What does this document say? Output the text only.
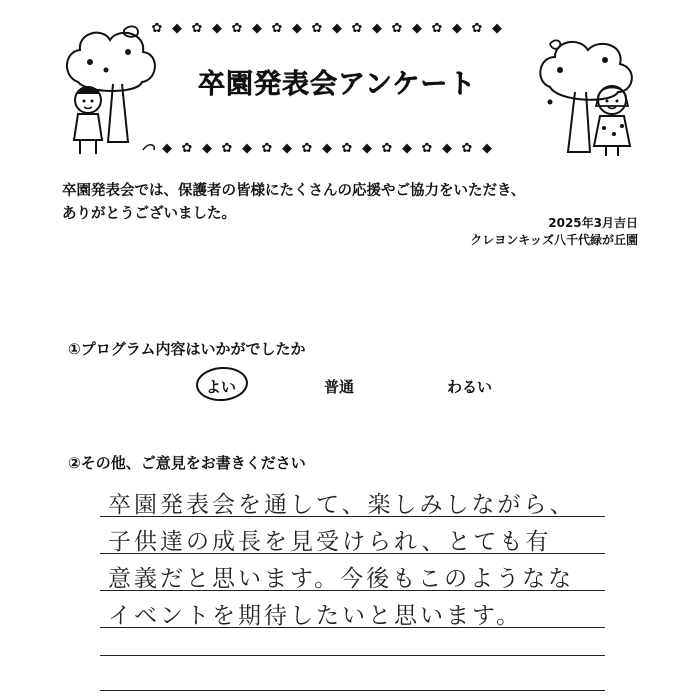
✿ ◆ ✿ ◆ ✿ ◆ ✿ ◆ ✿ ◆ ✿ ◆ ✿ ◆ ✿ ◆ ✿ ◆
卒園発表会アンケート
◆ ✿ ◆ ✿ ◆ ✿ ◆ ✿ ◆ ✿ ◆ ✿ ◆ ✿ ◆ ✿ ◆
卒園発表会では、保護者の皆様にたくさんの応援やご協力をいただき、
ありがとうございました。
2025年3月吉日
クレヨンキッズ八千代緑が丘園
①プログラム内容はいかがでしたか
よい	普通	わるい
②その他、ご意見をお書きください
卒園発表会を通して、楽しみしながら、
子供達の成長を見受けられ、とても有
意義だと思います。今後もこのようなな
イベントを期待したいと思います。
